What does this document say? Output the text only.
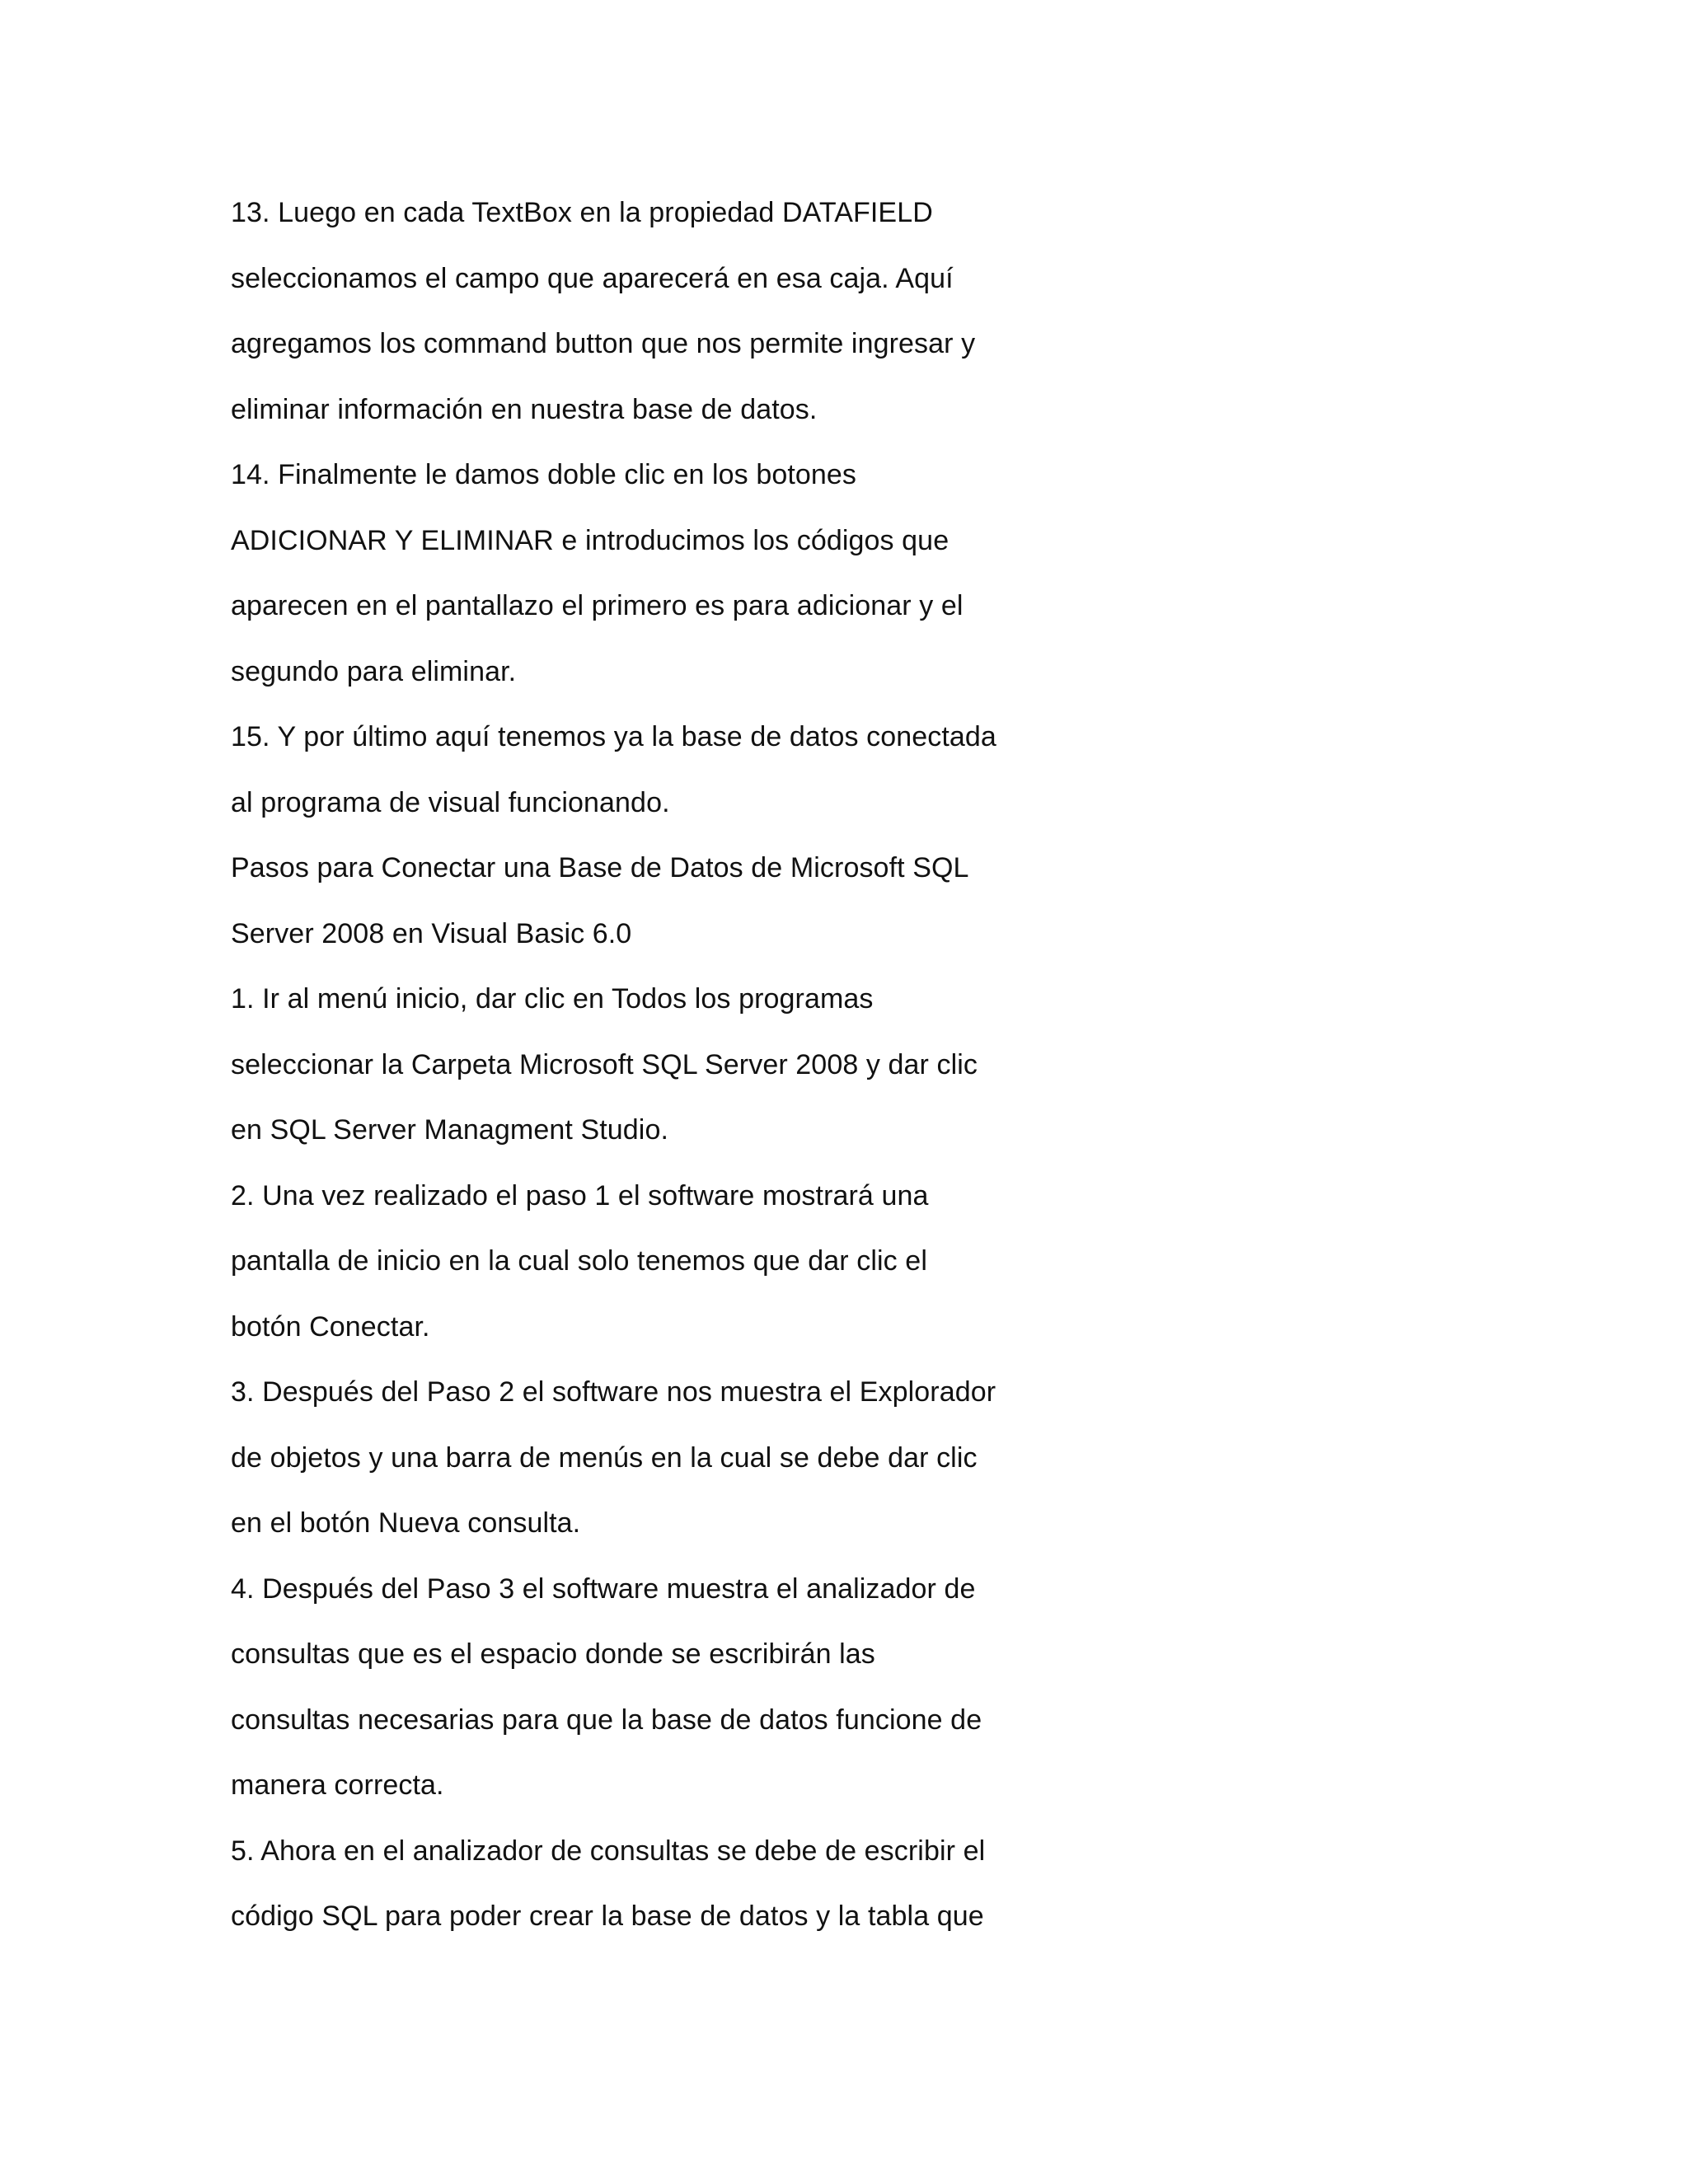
13. Luego en cada TextBox en la propiedad DATAFIELD
seleccionamos el campo que aparecerá en esa caja. Aquí
agregamos los command button que nos permite ingresar y
eliminar información en nuestra base de datos.
14. Finalmente le damos doble clic en los botones
ADICIONAR Y ELIMINAR e introducimos los códigos que
aparecen en el pantallazo el primero es para adicionar y el
segundo para eliminar.
15. Y por último aquí tenemos ya la base de datos conectada
al programa de visual funcionando.
Pasos para Conectar una Base de Datos de Microsoft SQL
Server 2008 en Visual Basic 6.0
1. Ir al menú inicio, dar clic en Todos los programas
seleccionar la Carpeta Microsoft SQL Server 2008 y dar clic
en SQL Server Managment Studio.
2. Una vez realizado el paso 1 el software mostrará una
pantalla de inicio en la cual solo tenemos que dar clic el
botón Conectar.
3. Después del Paso 2 el software nos muestra el Explorador
de objetos y una barra de menús en la cual se debe dar clic
en el botón Nueva consulta.
4. Después del Paso 3 el software muestra el analizador de
consultas que es el espacio donde se escribirán las
consultas necesarias para que la base de datos funcione de
manera correcta.
5. Ahora en el analizador de consultas se debe de escribir el
código SQL para poder crear la base de datos y la tabla que
